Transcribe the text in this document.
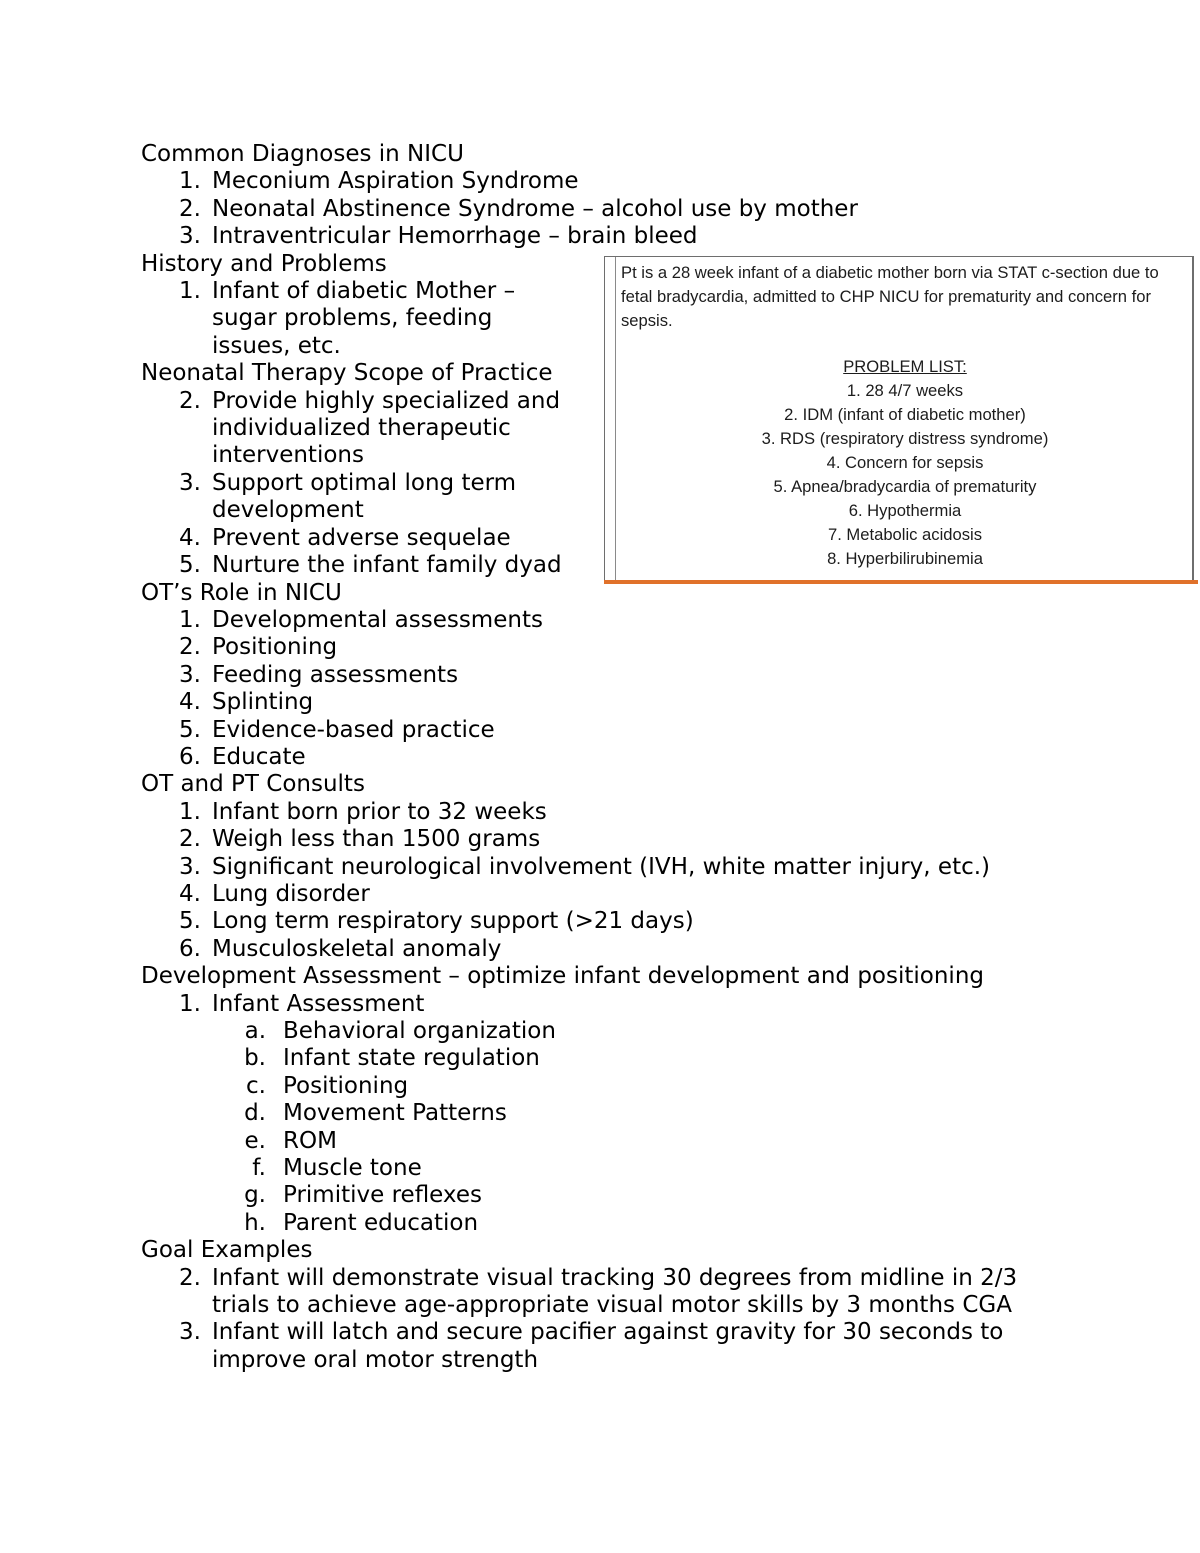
Common Diagnoses in NICU
1. Meconium Aspiration Syndrome
2. Neonatal Abstinence Syndrome – alcohol use by mother
3. Intraventricular Hemorrhage – brain bleed
History and Problems
1. Infant of diabetic Mother – sugar problems, feeding issues, etc.
Neonatal Therapy Scope of Practice
2. Provide highly specialized and individualized therapeutic interventions
3. Support optimal long term development
4. Prevent adverse sequelae
5. Nurture the infant family dyad
OT’s Role in NICU
1. Developmental assessments
2. Positioning
3. Feeding assessments
4. Splinting
5. Evidence-based practice
6. Educate
OT and PT Consults
1. Infant born prior to 32 weeks
2. Weigh less than 1500 grams
3. Significant neurological involvement (IVH, white matter injury, etc.)
4. Lung disorder
5. Long term respiratory support (>21 days)
6. Musculoskeletal anomaly
Development Assessment – optimize infant development and positioning
1. Infant Assessment
a. Behavioral organization
b. Infant state regulation
c. Positioning
d. Movement Patterns
e. ROM
f. Muscle tone
g. Primitive reflexes
h. Parent education
Goal Examples
2. Infant will demonstrate visual tracking 30 degrees from midline in 2/3 trials to achieve age-appropriate visual motor skills by 3 months CGA
3. Infant will latch and secure pacifier against gravity for 30 seconds to improve oral motor strength
Pt is a 28 week infant of a diabetic mother born via STAT c-section due to fetal bradycardia, admitted to CHP NICU for prematurity and concern for sepsis.
PROBLEM LIST:
1. 28 4/7 weeks
2. IDM (infant of diabetic mother)
3. RDS (respiratory distress syndrome)
4. Concern for sepsis
5. Apnea/bradycardia of prematurity
6. Hypothermia
7. Metabolic acidosis
8. Hyperbilirubinemia
